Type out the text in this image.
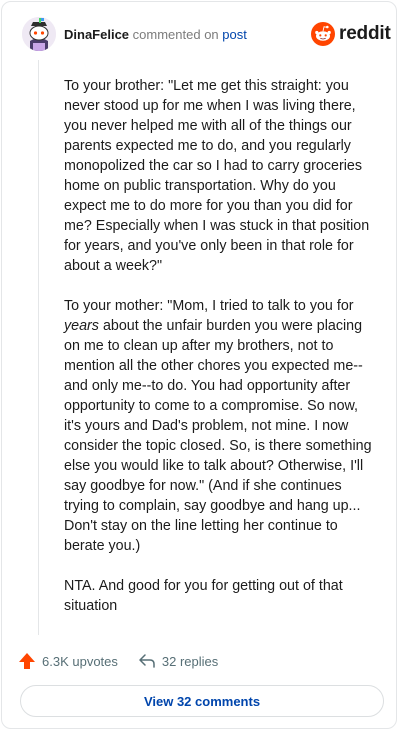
DinaFelice commented on post	reddit

To your brother: "Let me get this straight: you never stood up for me when I was living there, you never helped me with all of the things our parents expected me to do, and you regularly monopolized the car so I had to carry groceries home on public transportation. Why do you expect me to do more for you than you did for me? Especially when I was stuck in that position for years, and you've only been in that role for about a week?"

To your mother: "Mom, I tried to talk to you for years about the unfair burden you were placing on me to clean up after my brothers, not to mention all the other chores you expected me--and only me--to do. You had opportunity after opportunity to come to a compromise. So now, it's yours and Dad's problem, not mine. I now consider the topic closed. So, is there something else you would like to talk about? Otherwise, I'll say goodbye for now." (And if she continues trying to complain, say goodbye and hang up... Don't stay on the line letting her continue to berate you.)

NTA. And good for you for getting out of that situation

6.3K upvotes	32 replies
View 32 comments
